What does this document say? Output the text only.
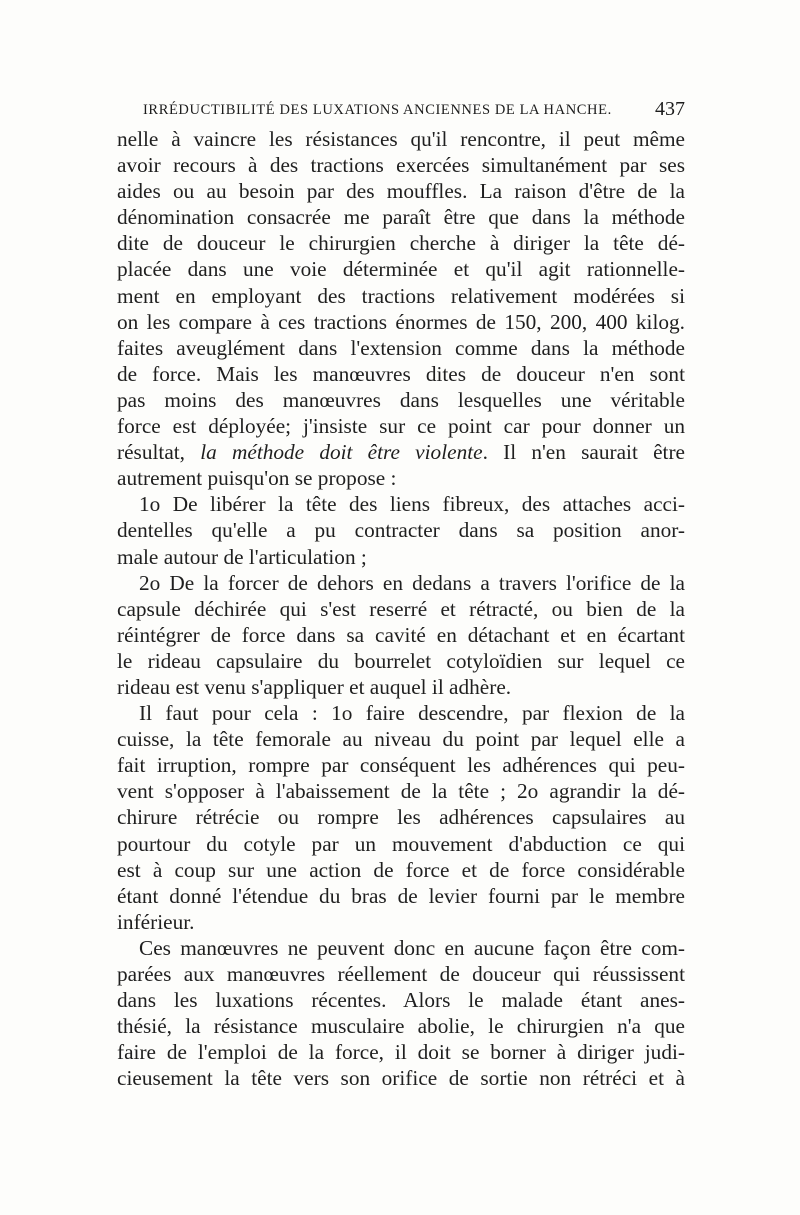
IRRÉDUCTIBILITÉ DES LUXATIONS ANCIENNES DE LA HANCHE. 437
nelle à vaincre les résistances qu'il rencontre, il peut même
avoir recours à des tractions exercées simultanément par ses
aides ou au besoin par des mouffles. La raison d'être de la
dénomination consacrée me paraît être que dans la méthode
dite de douceur le chirurgien cherche à diriger la tête dé-
placée dans une voie déterminée et qu'il agit rationnelle-
ment en employant des tractions relativement modérées si
on les compare à ces tractions énormes de 150, 200, 400 kilog.
faites aveuglément dans l'extension comme dans la méthode
de force. Mais les manœuvres dites de douceur n'en sont
pas moins des manœuvres dans lesquelles une véritable
force est déployée; j'insiste sur ce point car pour donner un
résultat, la méthode doit être violente. Il n'en saurait être
autrement puisqu'on se propose :
1o De libérer la tête des liens fibreux, des attaches acci-
dentelles qu'elle a pu contracter dans sa position anor-
male autour de l'articulation ;
2o De la forcer de dehors en dedans a travers l'orifice de la
capsule déchirée qui s'est reserré et rétracté, ou bien de la
réintégrer de force dans sa cavité en détachant et en écartant
le rideau capsulaire du bourrelet cotyloïdien sur lequel ce
rideau est venu s'appliquer et auquel il adhère.
Il faut pour cela : 1o faire descendre, par flexion de la
cuisse, la tête femorale au niveau du point par lequel elle a
fait irruption, rompre par conséquent les adhérences qui peu-
vent s'opposer à l'abaissement de la tête ; 2o agrandir la dé-
chirure rétrécie ou rompre les adhérences capsulaires au
pourtour du cotyle par un mouvement d'abduction ce qui
est à coup sur une action de force et de force considérable
étant donné l'étendue du bras de levier fourni par le membre
inférieur.
Ces manœuvres ne peuvent donc en aucune façon être com-
parées aux manœuvres réellement de douceur qui réussissent
dans les luxations récentes. Alors le malade étant anes-
thésié, la résistance musculaire abolie, le chirurgien n'a que
faire de l'emploi de la force, il doit se borner à diriger judi-
cieusement la tête vers son orifice de sortie non rétréci et à
